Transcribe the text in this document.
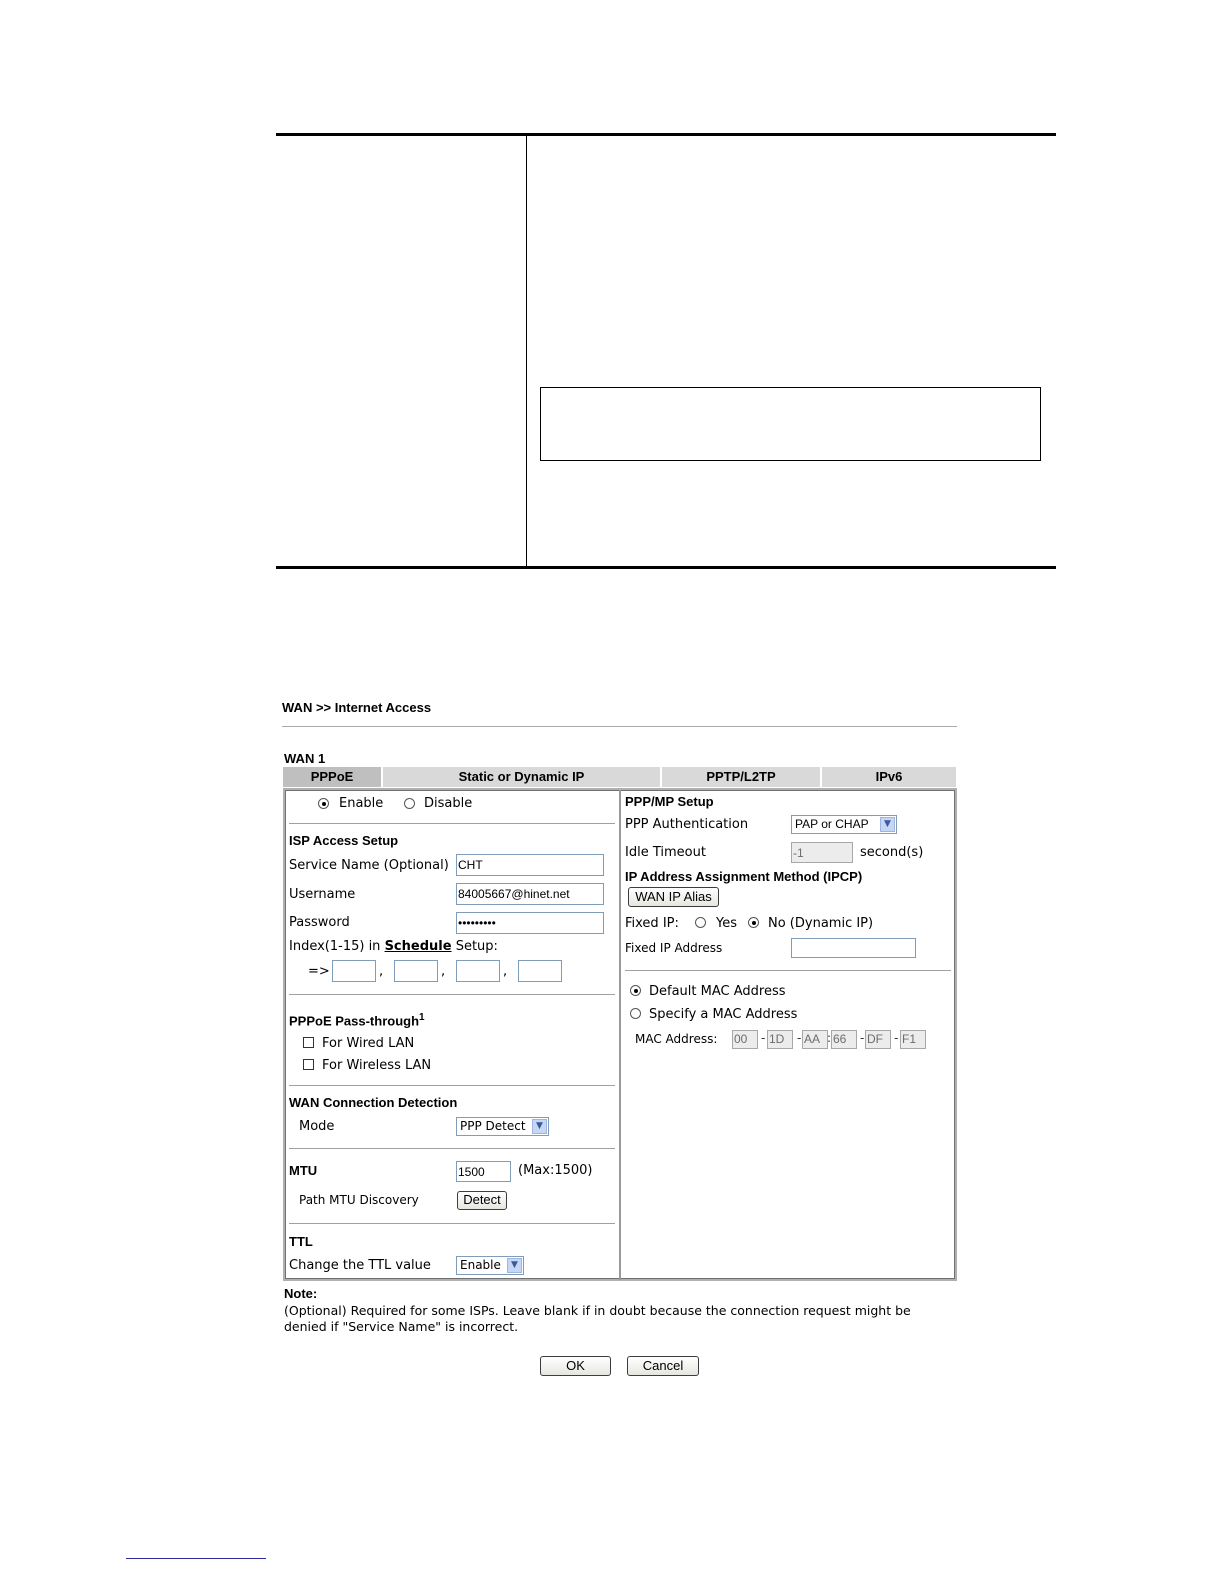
WAN >> Internet Access
WAN 1
PPPoE	Static or Dynamic IP	PPTP/L2TP	IPv6
Enable	Disable
ISP Access Setup
Service Name (Optional) CHT
Username	84005667@hinet.net
Password	•••••••••
Index(1-15) in Schedule Setup:
=>	,	,	,
PPPoE Pass-through$^1$
For Wired LAN
For Wireless LAN
WAN Connection Detection
Mode	PPP Detect	▼
MTU	1500	(Max:1500)
Path MTU Discovery	Detect
TTL
Change the TTL value	Enable	▼
PPP/MP Setup
PPP Authentication	PAP or CHAP	▼
Idle Timeout	-1	second(s)
IP Address Assignment Method (IPCP)
WAN IP Alias
Fixed IP:	Yes No (Dynamic IP)
Fixed IP Address
Default MAC Address
Specify a MAC Address
MAC Address: 00	- 1D	- AA : 66	- DF - F1
Note:
(Optional) Required for some ISPs. Leave blank if in doubt because the connection request might be
denied if "Service Name" is incorrect.
OK	Cancel
